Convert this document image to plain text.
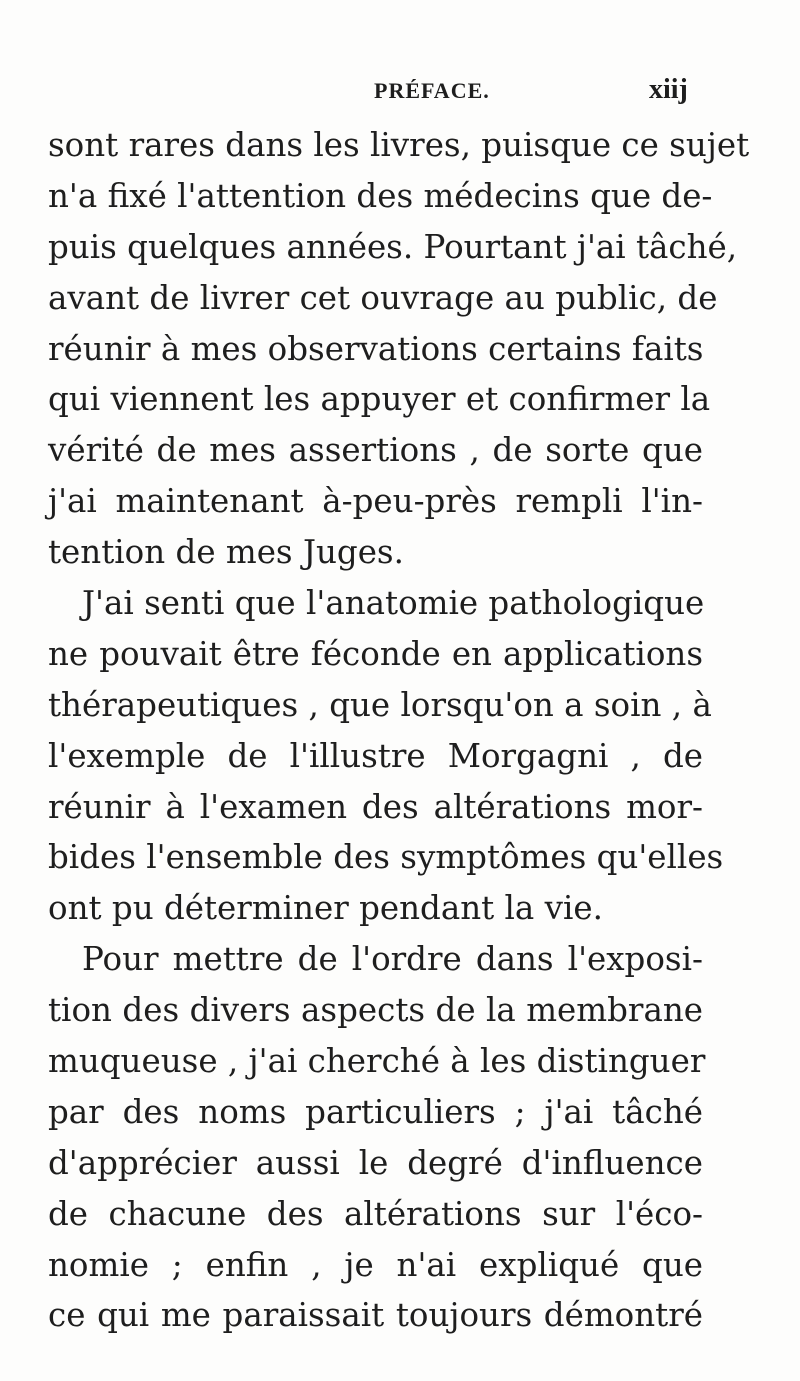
PRÉFACE.	xiij
sont rares dans les livres, puisque ce sujet
n'a fixé l'attention des médecins que de-
puis quelques années. Pourtant j'ai tâché,
avant de livrer cet ouvrage au public, de
réunir à mes observations certains faits
qui viennent les appuyer et confirmer la
vérité de mes assertions , de sorte que
j'ai maintenant à-peu-près rempli l'in-
tention de mes Juges.
J'ai senti que l'anatomie pathologique
ne pouvait être féconde en applications
thérapeutiques , que lorsqu'on a soin , à
l'exemple de l'illustre Morgagni , de
réunir à l'examen des altérations mor-
bides l'ensemble des symptômes qu'elles
ont pu déterminer pendant la vie.
Pour mettre de l'ordre dans l'exposi-
tion des divers aspects de la membrane
muqueuse , j'ai cherché à les distinguer
par des noms particuliers ; j'ai tâché
d'apprécier aussi le degré d'influence
de chacune des altérations sur l'éco-
nomie ; enfin , je n'ai expliqué que
ce qui me paraissait toujours démontré
